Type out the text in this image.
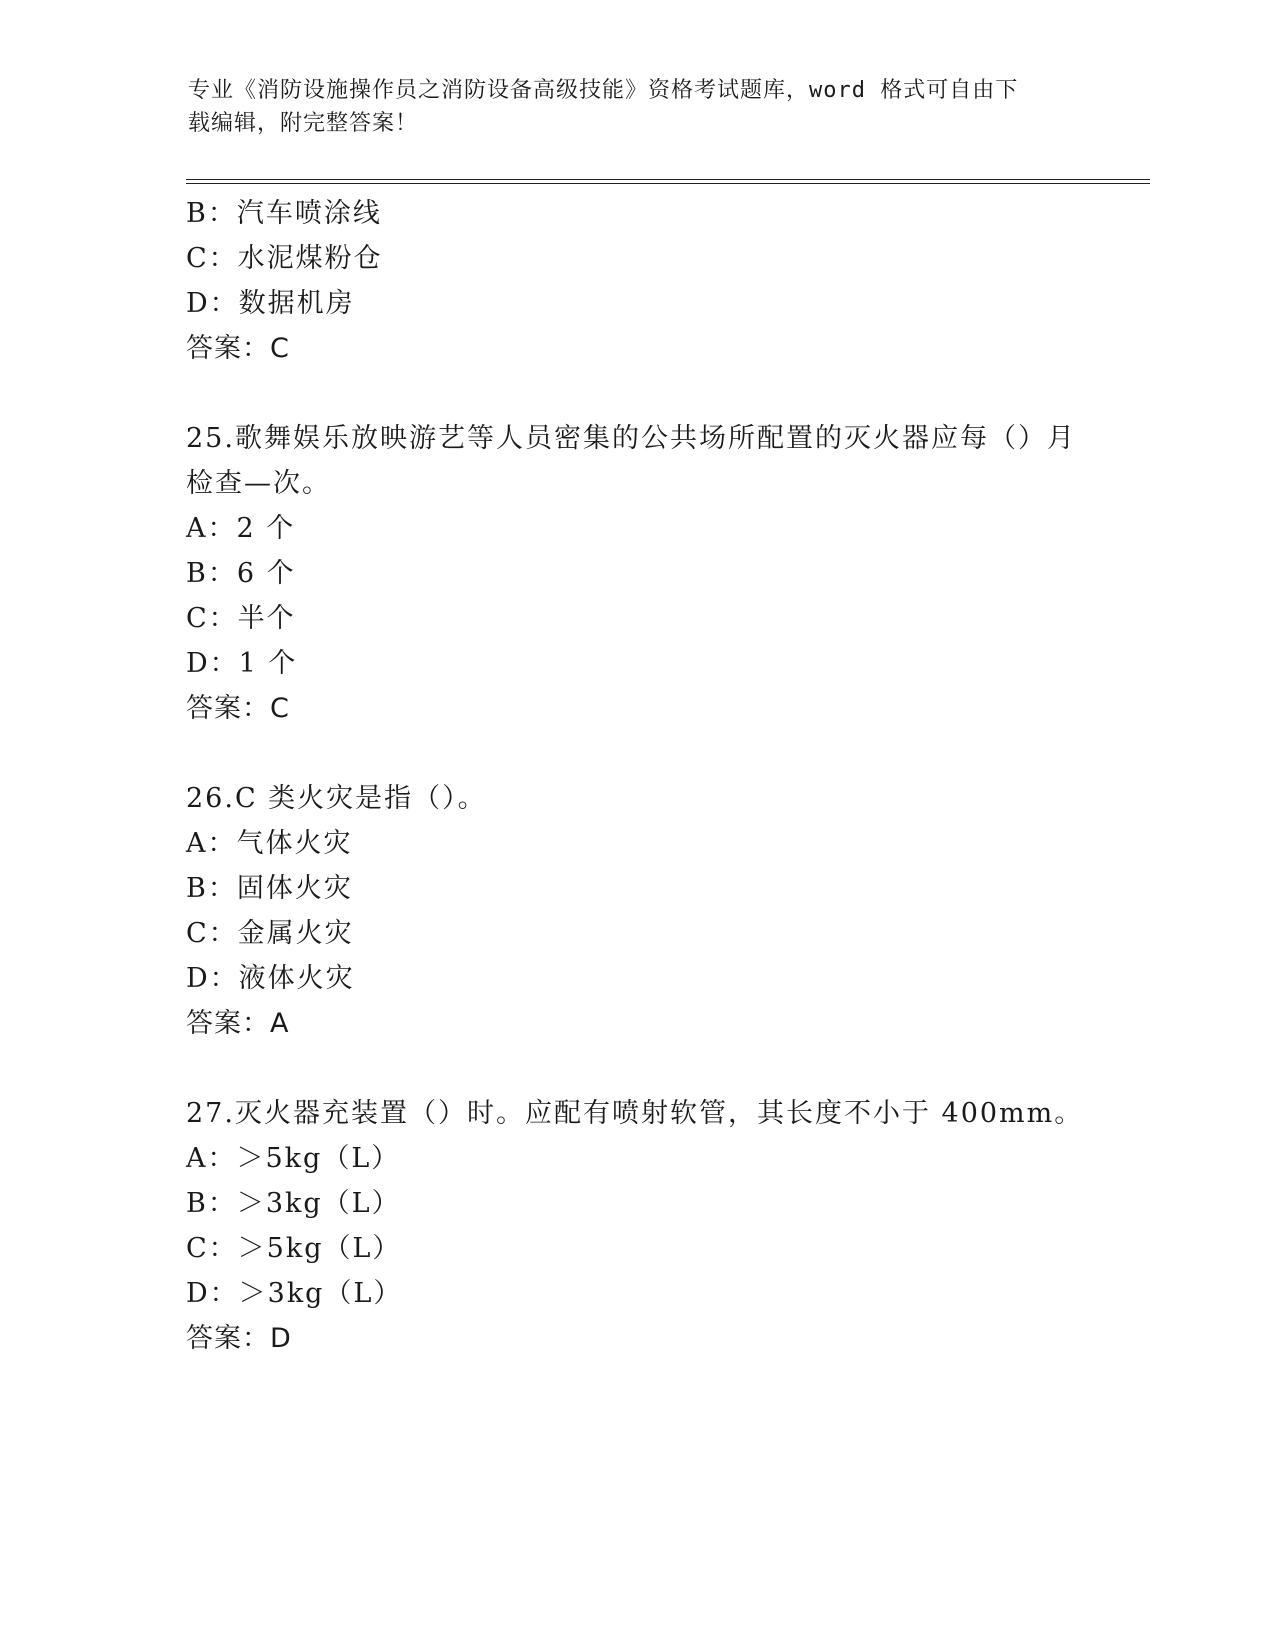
专业《消防设施操作员之消防设备高级技能》资格考试题库，word 格式可自由下
载编辑，附完整答案！
B：汽车喷涂线
C：水泥煤粉仓
D：数据机房
答案：C
25.歌舞娱乐放映游艺等人员密集的公共场所配置的灭火器应每（）月
检查—次。
A：2 个
B：6 个
C：半个
D：1 个
答案：C
26.C 类火灾是指（）。
A：气体火灾
B：固体火灾
C：金属火灾
D：液体火灾
答案：A
27.灭火器充装置（）时。应配有喷射软管，其长度不小于 400mm。
A：＞5kg（L）
B：＞3kg（L）
C：＞5kg（L）
D：＞3kg（L）
答案：D
